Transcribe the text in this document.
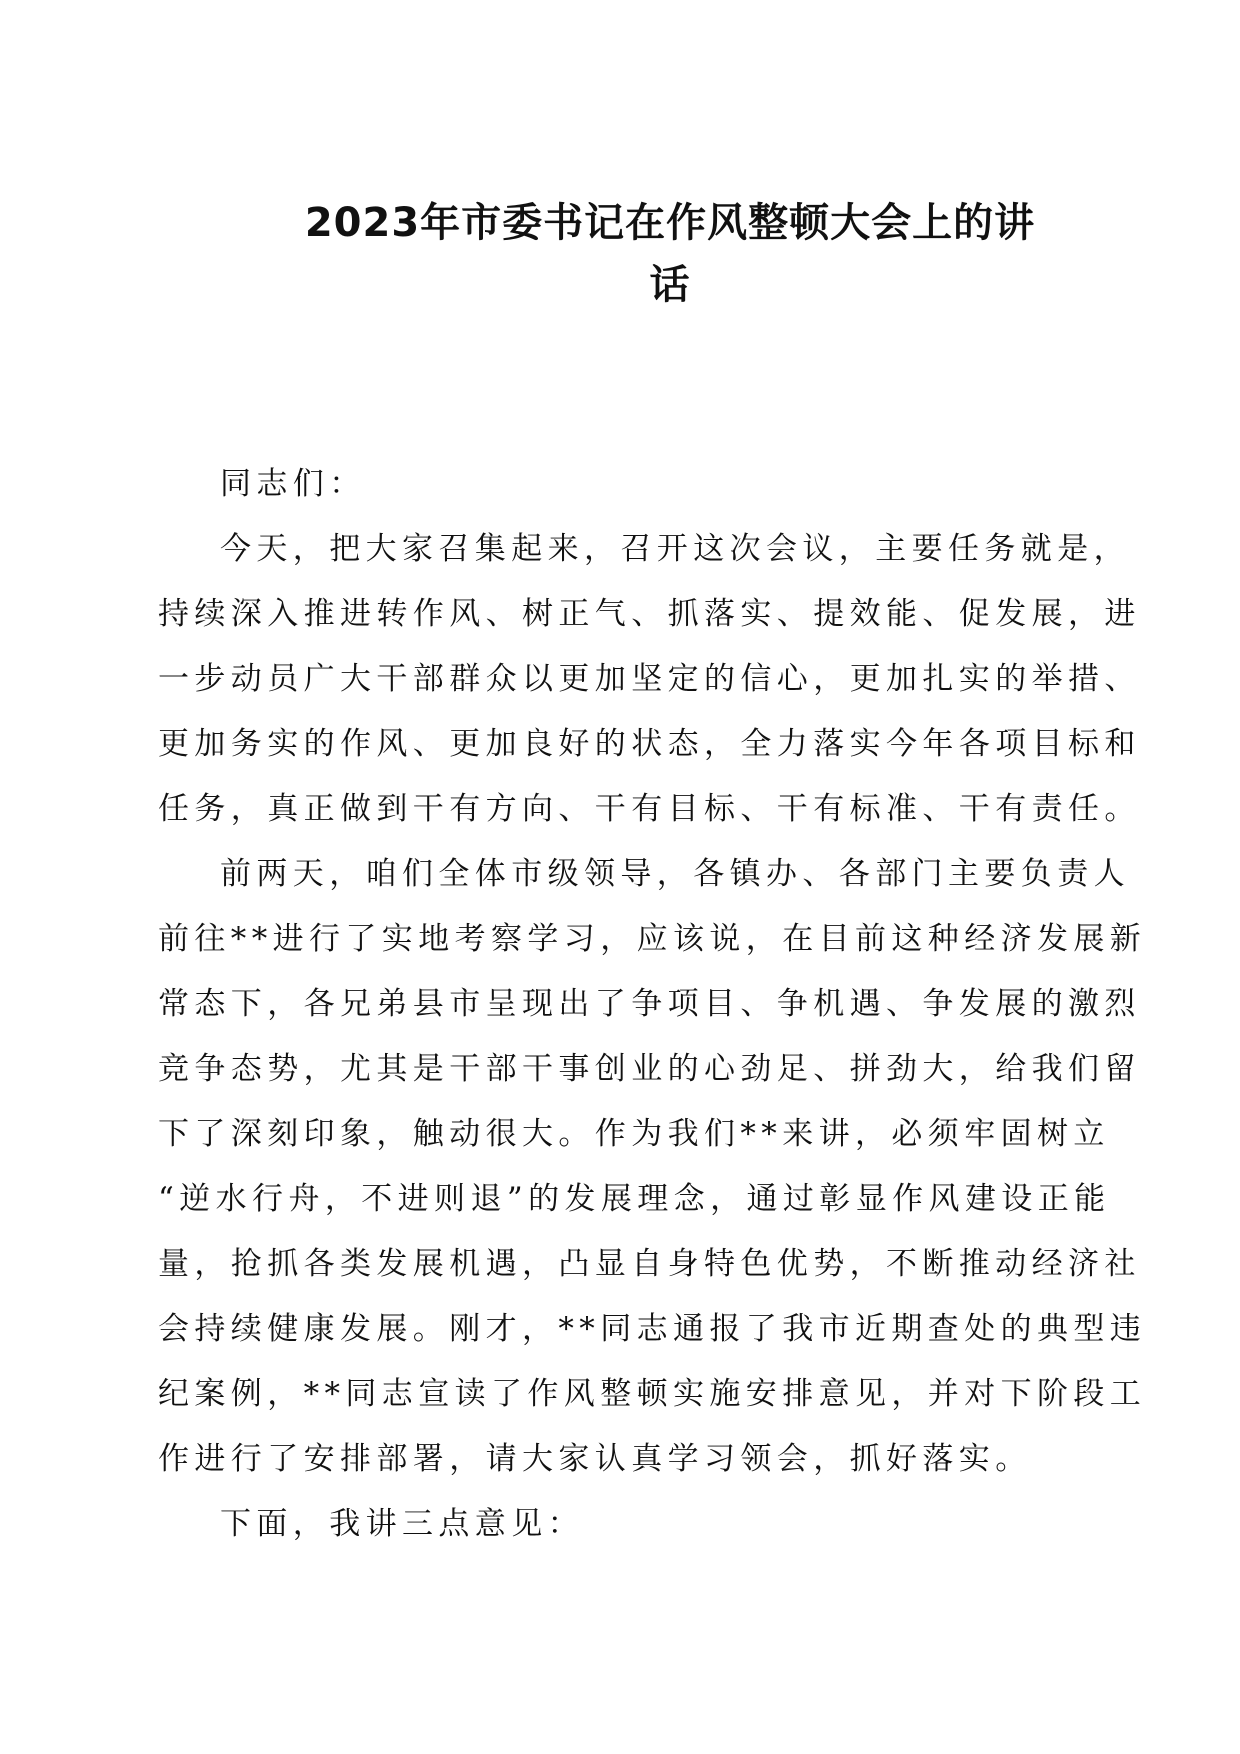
2023年市委书记在作风整顿大会上的讲
话

同志们：

今天，把大家召集起来，召开这次会议，主要任务就是，
持续深入推进转作风、树正气、抓落实、提效能、促发展，进
一步动员广大干部群众以更加坚定的信心，更加扎实的举措、
更加务实的作风、更加良好的状态，全力落实今年各项目标和
任务，真正做到干有方向、干有目标、干有标准、干有责任。

前两天，咱们全体市级领导，各镇办、各部门主要负责人
前往**进行了实地考察学习，应该说，在目前这种经济发展新
常态下，各兄弟县市呈现出了争项目、争机遇、争发展的激烈
竞争态势，尤其是干部干事创业的心劲足、拼劲大，给我们留
下了深刻印象，触动很大。作为我们**来讲，必须牢固树立
“逆水行舟，不进则退”的发展理念，通过彰显作风建设正能
量，抢抓各类发展机遇，凸显自身特色优势，不断推动经济社
会持续健康发展。刚才，**同志通报了我市近期查处的典型违
纪案例，**同志宣读了作风整顿实施安排意见，并对下阶段工
作进行了安排部署，请大家认真学习领会，抓好落实。

下面，我讲三点意见：
